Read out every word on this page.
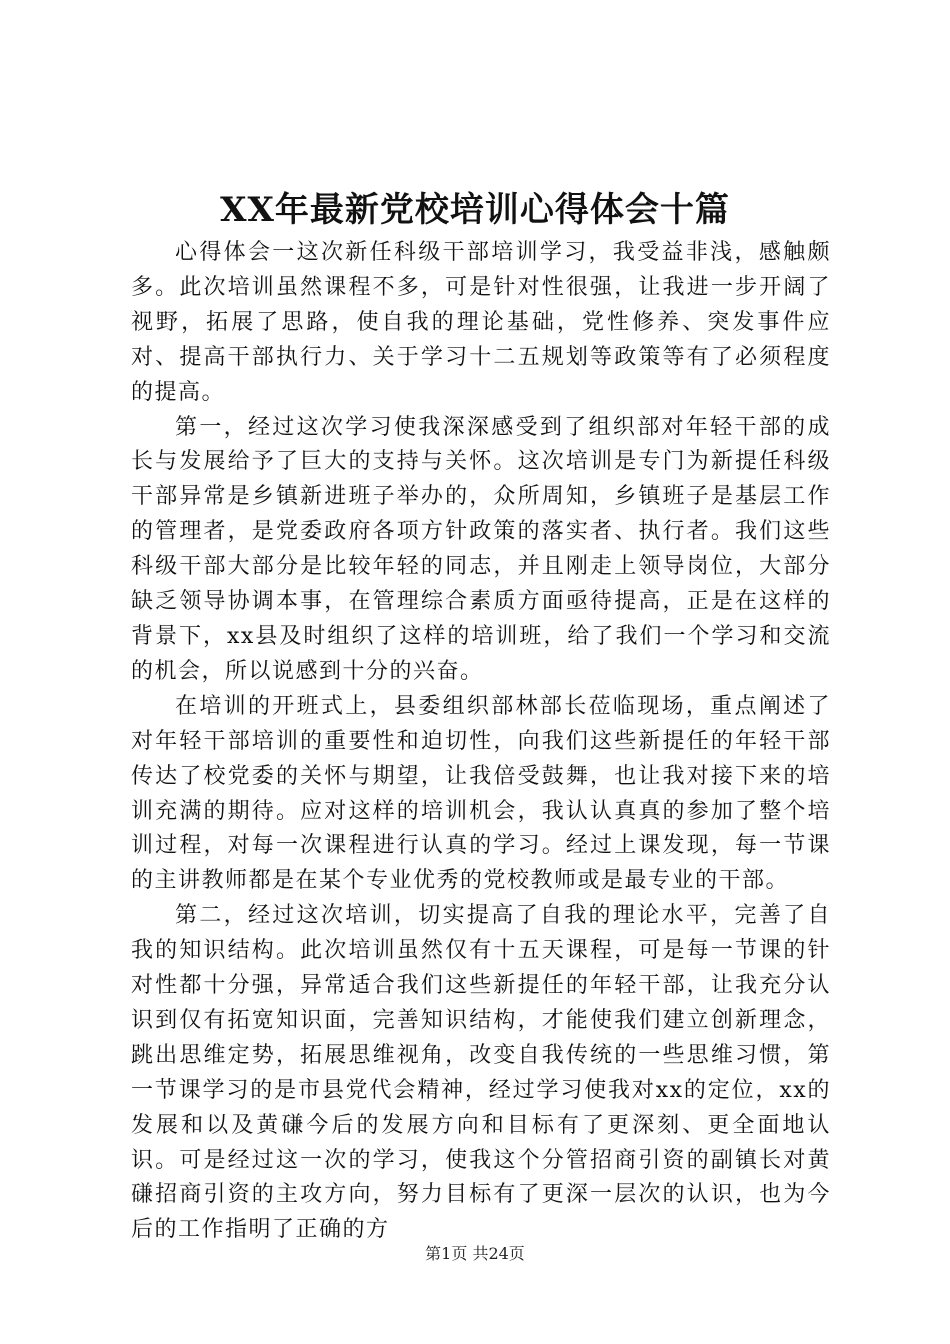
XX年最新党校培训心得体会十篇

心得体会一这次新任科级干部培训学习，我受益非浅，感触颇多。此次培训虽然课程不多，可是针对性很强，让我进一步开阔了视野，拓展了思路，使自我的理论基础，党性修养、突发事件应对、提高干部执行力、关于学习十二五规划等政策等有了必须程度的提高。

第一，经过这次学习使我深深感受到了组织部对年轻干部的成长与发展给予了巨大的支持与关怀。这次培训是专门为新提任科级干部异常是乡镇新进班子举办的，众所周知，乡镇班子是基层工作的管理者，是党委政府各项方针政策的落实者、执行者。我们这些科级干部大部分是比较年轻的同志，并且刚走上领导岗位，大部分缺乏领导协调本事，在管理综合素质方面亟待提高，正是在这样的背景下，xx县及时组织了这样的培训班，给了我们一个学习和交流的机会，所以说感到十分的兴奋。

在培训的开班式上，县委组织部林部长莅临现场，重点阐述了对年轻干部培训的重要性和迫切性，向我们这些新提任的年轻干部传达了校党委的关怀与期望，让我倍受鼓舞，也让我对接下来的培训充满的期待。应对这样的培训机会，我认认真真的参加了整个培训过程，对每一次课程进行认真的学习。经过上课发现，每一节课的主讲教师都是在某个专业优秀的党校教师或是最专业的干部。

第二，经过这次培训，切实提高了自我的理论水平，完善了自我的知识结构。此次培训虽然仅有十五天课程，可是每一节课的针对性都十分强，异常适合我们这些新提任的年轻干部，让我充分认识到仅有拓宽知识面，完善知识结构，才能使我们建立创新理念，跳出思维定势，拓展思维视角，改变自我传统的一些思维习惯，第一节课学习的是市县党代会精神，经过学习使我对xx的定位，xx的发展和以及黄磏今后的发展方向和目标有了更深刻、更全面地认识。可是经过这一次的学习，使我这个分管招商引资的副镇长对黄磏招商引资的主攻方向，努力目标有了更深一层次的认识，也为今后的工作指明了正确的方

第1页 共24页
